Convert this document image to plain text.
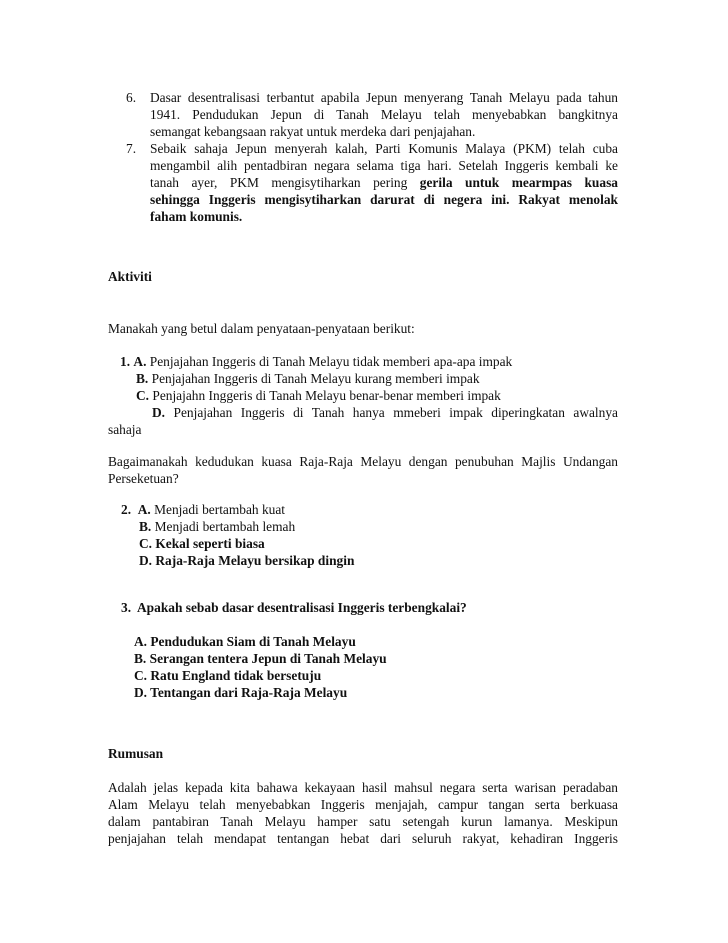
6. Dasar desentralisasi terbantut apabila Jepun menyerang Tanah Melayu pada tahun
1941. Pendudukan Jepun di Tanah Melayu telah menyebabkan bangkitnya
semangat kebangsaan rakyat untuk merdeka dari penjajahan.
7. Sebaik sahaja Jepun menyerah kalah, Parti Komunis Malaya (PKM) telah cuba
mengambil alih pentadbiran negara selama tiga hari. Setelah Inggeris kembali ke
tanah ayer, PKM mengisytiharkan pering gerila untuk mearmpas kuasa
sehingga Inggeris mengisytiharkan darurat di negera ini. Rakyat menolak
faham komunis.
Aktiviti
Manakah yang betul dalam penyataan-penyataan berikut:
1. A. Penjajahan Inggeris di Tanah Melayu tidak memberi apa-apa impak
B. Penjajahan Inggeris di Tanah Melayu kurang memberi impak
C. Penjajahn Inggeris di Tanah Melayu benar-benar memberi impak
D. Penjajahan Inggeris di Tanah hanya mmeberi impak diperingkatan awalnya
sahaja
Bagaimanakah kedudukan kuasa Raja-Raja Melayu dengan penubuhan Majlis Undangan
Perseketuan?
2. A. Menjadi bertambah kuat
B. Menjadi bertambah lemah
C. Kekal seperti biasa
D. Raja-Raja Melayu bersikap dingin
3. Apakah sebab dasar desentralisasi Inggeris terbengkalai?
A. Pendudukan Siam di Tanah Melayu
B. Serangan tentera Jepun di Tanah Melayu
C. Ratu England tidak bersetuju
D. Tentangan dari Raja-Raja Melayu
Rumusan
Adalah jelas kepada kita bahawa kekayaan hasil mahsul negara serta warisan peradaban
Alam Melayu telah menyebabkan Inggeris menjajah, campur tangan serta berkuasa
dalam pantabiran Tanah Melayu hamper satu setengah kurun lamanya. Meskipun
penjajahan telah mendapat tentangan hebat dari seluruh rakyat, kehadiran Inggeris
